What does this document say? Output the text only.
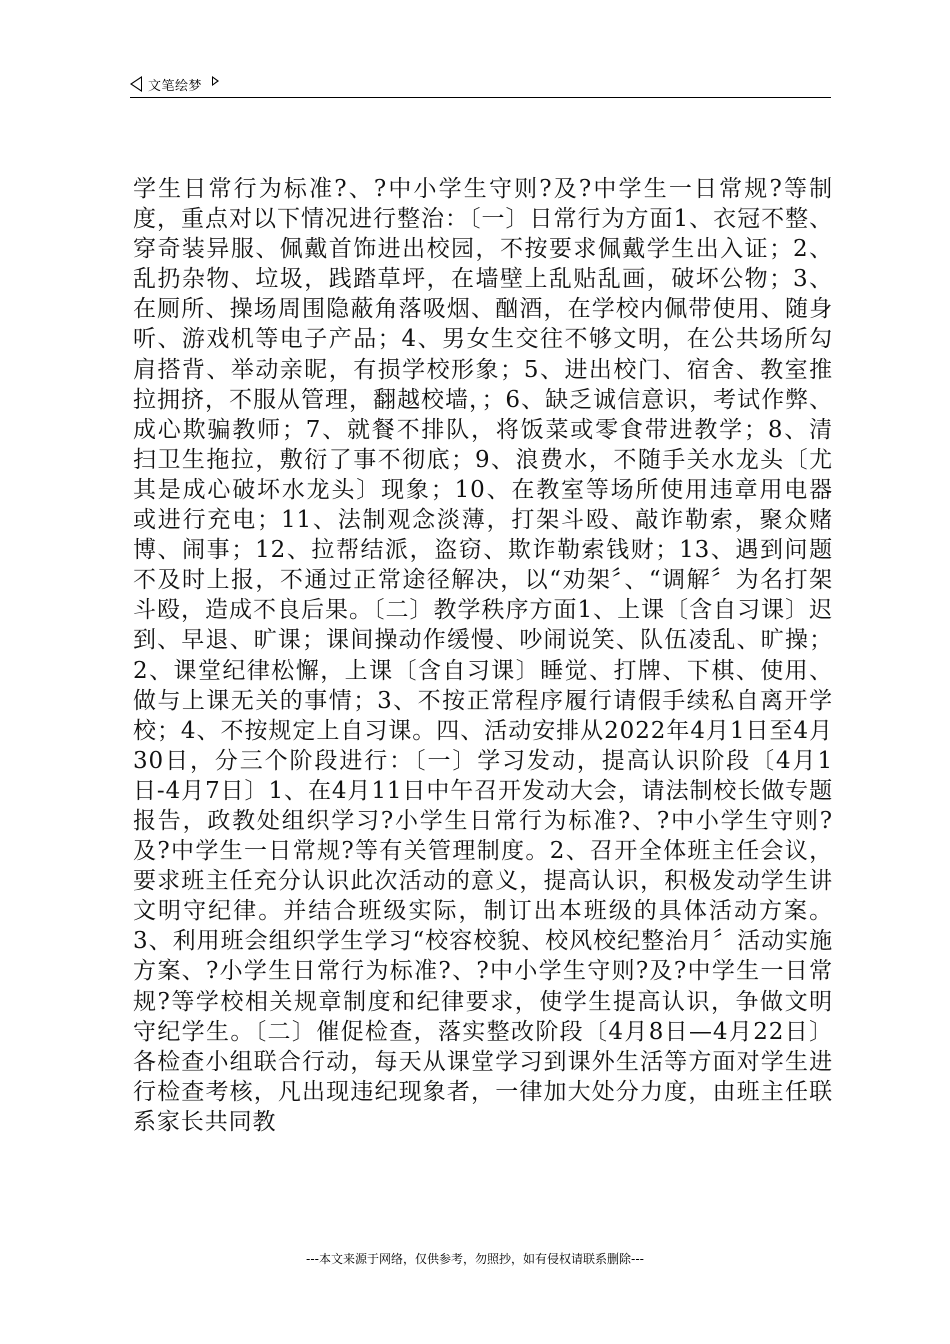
文笔绘梦
学生日常行为标准?、?中小学生守则?及?中学生一日常规?等制度，重点对以下情况进行整治：〔一〕日常行为方面1、衣冠不整、穿奇装异服、佩戴首饰进出校园，不按要求佩戴学生出入证；2、乱扔杂物、垃圾，践踏草坪，在墙壁上乱贴乱画，破坏公物；3、在厕所、操场周围隐蔽角落吸烟、酗酒，在学校内佩带使用、随身听、游戏机等电子产品；4、男女生交往不够文明，在公共场所勾肩搭背、举动亲昵，有损学校形象；5、进出校门、宿舍、教室推拉拥挤，不服从管理，翻越校墙，；6、缺乏诚信意识，考试作弊、成心欺骗教师；7、就餐不排队，将饭菜或零食带进教学；8、清扫卫生拖拉，敷衍了事不彻底；9、浪费水，不随手关水龙头〔尤其是成心破坏水龙头〕现象；10、在教室等场所使用违章用电器或进行充电；11、法制观念淡薄，打架斗殴、敲诈勒索，聚众赌博、闹事；12、拉帮结派，盗窃、欺诈勒索钱财；13、遇到问题不及时上报，不通过正常途径解决，以“劝架〞、“调解〞为名打架斗殴，造成不良后果。〔二〕教学秩序方面1、上课〔含自习课〕迟到、早退、旷课；课间操动作缓慢、吵闹说笑、队伍凌乱、旷操；2、课堂纪律松懈，上课〔含自习课〕睡觉、打牌、下棋、使用、做与上课无关的事情；3、不按正常程序履行请假手续私自离开学校；4、不按规定上自习课。四、活动安排从2022年4月1日至4月30日，分三个阶段进行：〔一〕学习发动，提高认识阶段〔4月1日-4月7日〕1、在4月11日中午召开发动大会，请法制校长做专题报告，政教处组织学习?小学生日常行为标准?、?中小学生守则?及?中学生一日常规?等有关管理制度。2、召开全体班主任会议，要求班主任充分认识此次活动的意义，提高认识，积极发动学生讲文明守纪律。并结合班级实际，制订出本班级的具体活动方案。3、利用班会组织学生学习“校容校貌、校风校纪整治月〞活动实施方案、?小学生日常行为标准?、?中小学生守则?及?中学生一日常规?等学校相关规章制度和纪律要求，使学生提高认识，争做文明守纪学生。〔二〕催促检查，落实整改阶段〔4月8日—4月22日〕各检查小组联合行动，每天从课堂学习到课外生活等方面对学生进行检查考核，凡出现违纪现象者，一律加大处分力度，由班主任联系家长共同教
---本文来源于网络，仅供参考，勿照抄，如有侵权请联系删除---
